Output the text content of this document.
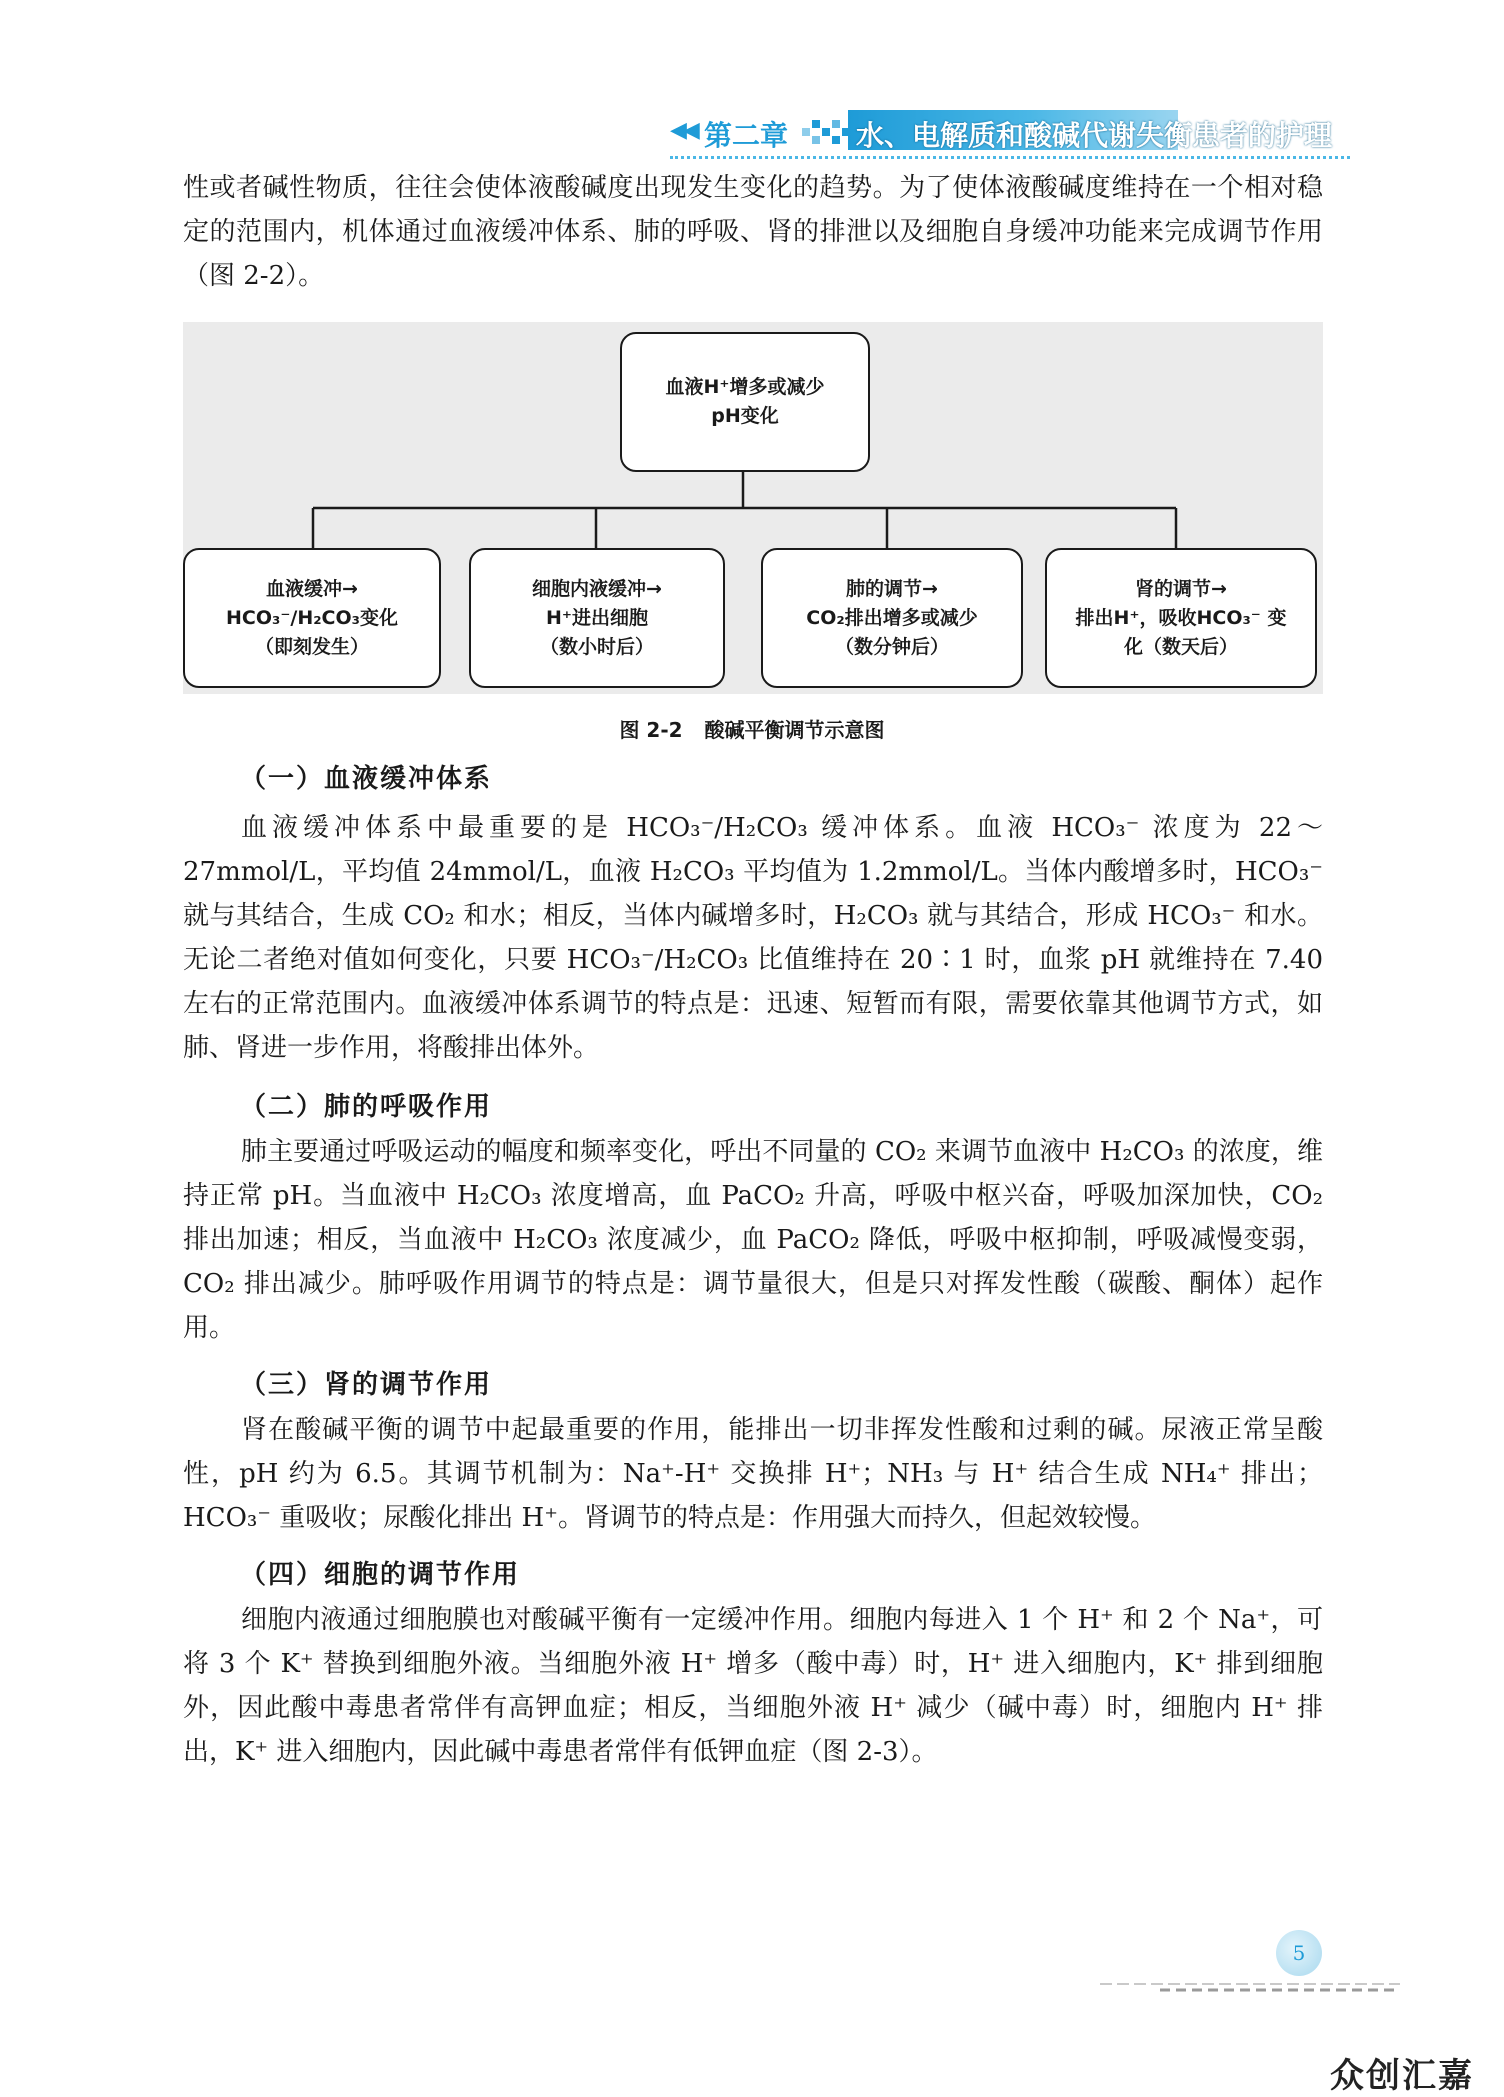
◀◀ 第二章 水、电解质和酸碱代谢失衡患者的护理

性或者碱性物质，往往会使体液酸碱度出现发生变化的趋势。为了使体液酸碱度维持在一个相对稳定的范围内，机体通过血液缓冲体系、肺的呼吸、肾的排泄以及细胞自身缓冲功能来完成调节作用（图 2-2）。

血液H⁺增多或减少
pH变化
血液缓冲→
HCO₃⁻/H₂CO₃变化
（即刻发生）
细胞内液缓冲→
H⁺进出细胞
（数小时后）
肺的调节→
CO₂排出增多或减少
（数分钟后）
肾的调节→
排出H⁺，吸收HCO₃⁻ 变
化（数天后）
图 2-2 酸碱平衡调节示意图
（一）血液缓冲体系

血液缓冲体系中最重要的是 HCO₃⁻/H₂CO₃ 缓冲体系。血液 HCO₃⁻ 浓度为 22～27mmol/L，平均值 24mmol/L，血液 H₂CO₃ 平均值为 1.2mmol/L。当体内酸增多时，HCO₃⁻ 就与其结合，生成 CO₂ 和水；相反，当体内碱增多时，H₂CO₃ 就与其结合，形成 HCO₃⁻ 和水。无论二者绝对值如何变化，只要 HCO₃⁻/H₂CO₃ 比值维持在 20∶1 时，血浆 pH 就维持在 7.40 左右的正常范围内。血液缓冲体系调节的特点是：迅速、短暂而有限，需要依靠其他调节方式，如肺、肾进一步作用，将酸排出体外。

（二）肺的呼吸作用

肺主要通过呼吸运动的幅度和频率变化，呼出不同量的 CO₂ 来调节血液中 H₂CO₃ 的浓度，维持正常 pH。当血液中 H₂CO₃ 浓度增高，血 PaCO₂ 升高，呼吸中枢兴奋，呼吸加深加快，CO₂ 排出加速；相反，当血液中 H₂CO₃ 浓度减少，血 PaCO₂ 降低，呼吸中枢抑制，呼吸减慢变弱，CO₂ 排出减少。肺呼吸作用调节的特点是：调节量很大，但是只对挥发性酸（碳酸、酮体）起作用。

（三）肾的调节作用

肾在酸碱平衡的调节中起最重要的作用，能排出一切非挥发性酸和过剩的碱。尿液正常呈酸性，pH 约为 6.5。其调节机制为：Na⁺-H⁺ 交换排 H⁺；NH₃ 与 H⁺ 结合生成 NH₄⁺ 排出；HCO₃⁻ 重吸收；尿酸化排出 H⁺。肾调节的特点是：作用强大而持久，但起效较慢。

（四）细胞的调节作用

细胞内液通过细胞膜也对酸碱平衡有一定缓冲作用。细胞内每进入 1 个 H⁺ 和 2 个 Na⁺，可将 3 个 K⁺ 替换到细胞外液。当细胞外液 H⁺ 增多（酸中毒）时，H⁺ 进入细胞内，K⁺ 排到细胞外，因此酸中毒患者常伴有高钾血症；相反，当细胞外液 H⁺ 减少（碱中毒）时，细胞内 H⁺ 排出，K⁺ 进入细胞内，因此碱中毒患者常伴有低钾血症（图 2-3）。

5
众创汇嘉
